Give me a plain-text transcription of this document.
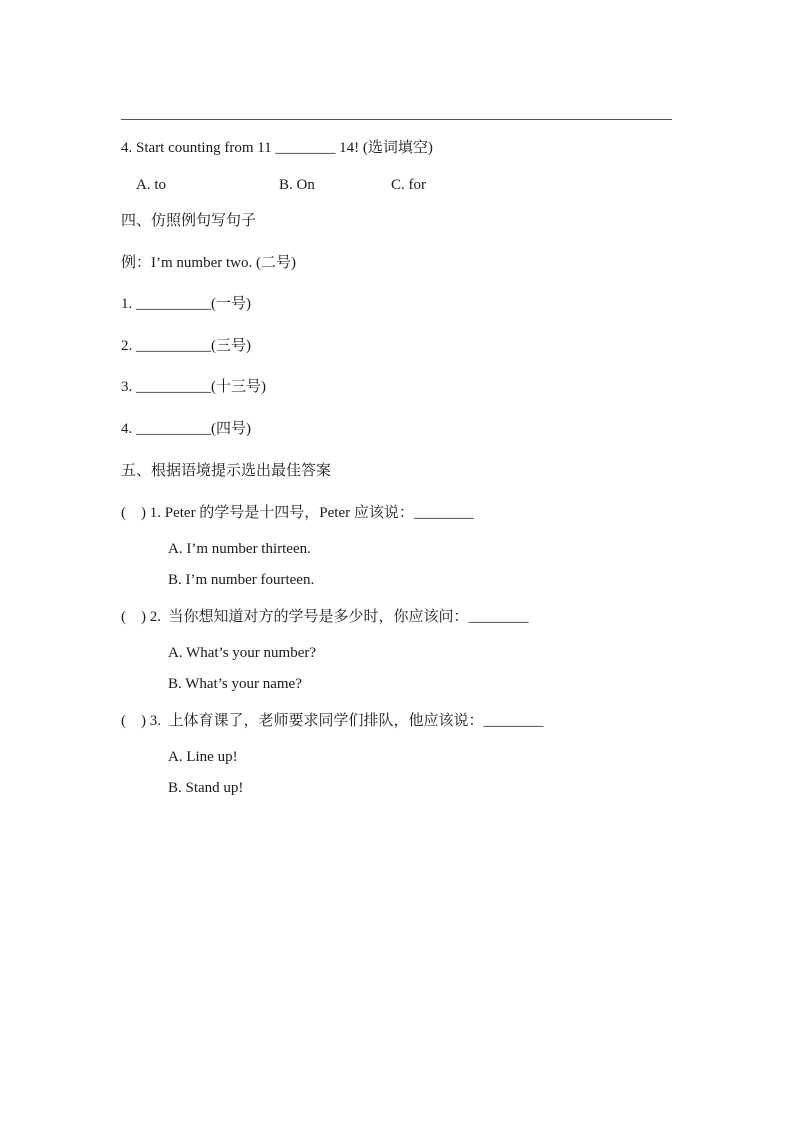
4. Start counting from 11 ________ 14! (选词填空)
A. to	B. On	C. for
四、仿照例句写句子
例：I’m number two. (二号)
1. __________(一号)
2. __________(三号)
3. __________(十三号)
4. __________(四号)
五、根据语境提示选出最佳答案
(    ) 1. Peter 的学号是十四号，Peter 应该说：________
A. I’m number thirteen.
B. I’m number fourteen.
(    ) 2.  当你想知道对方的学号是多少时，你应该问：________
A. What’s your number?
B. What’s your name?
(    ) 3.  上体育课了，老师要求同学们排队，他应该说：________
A. Line up!
B. Stand up!
